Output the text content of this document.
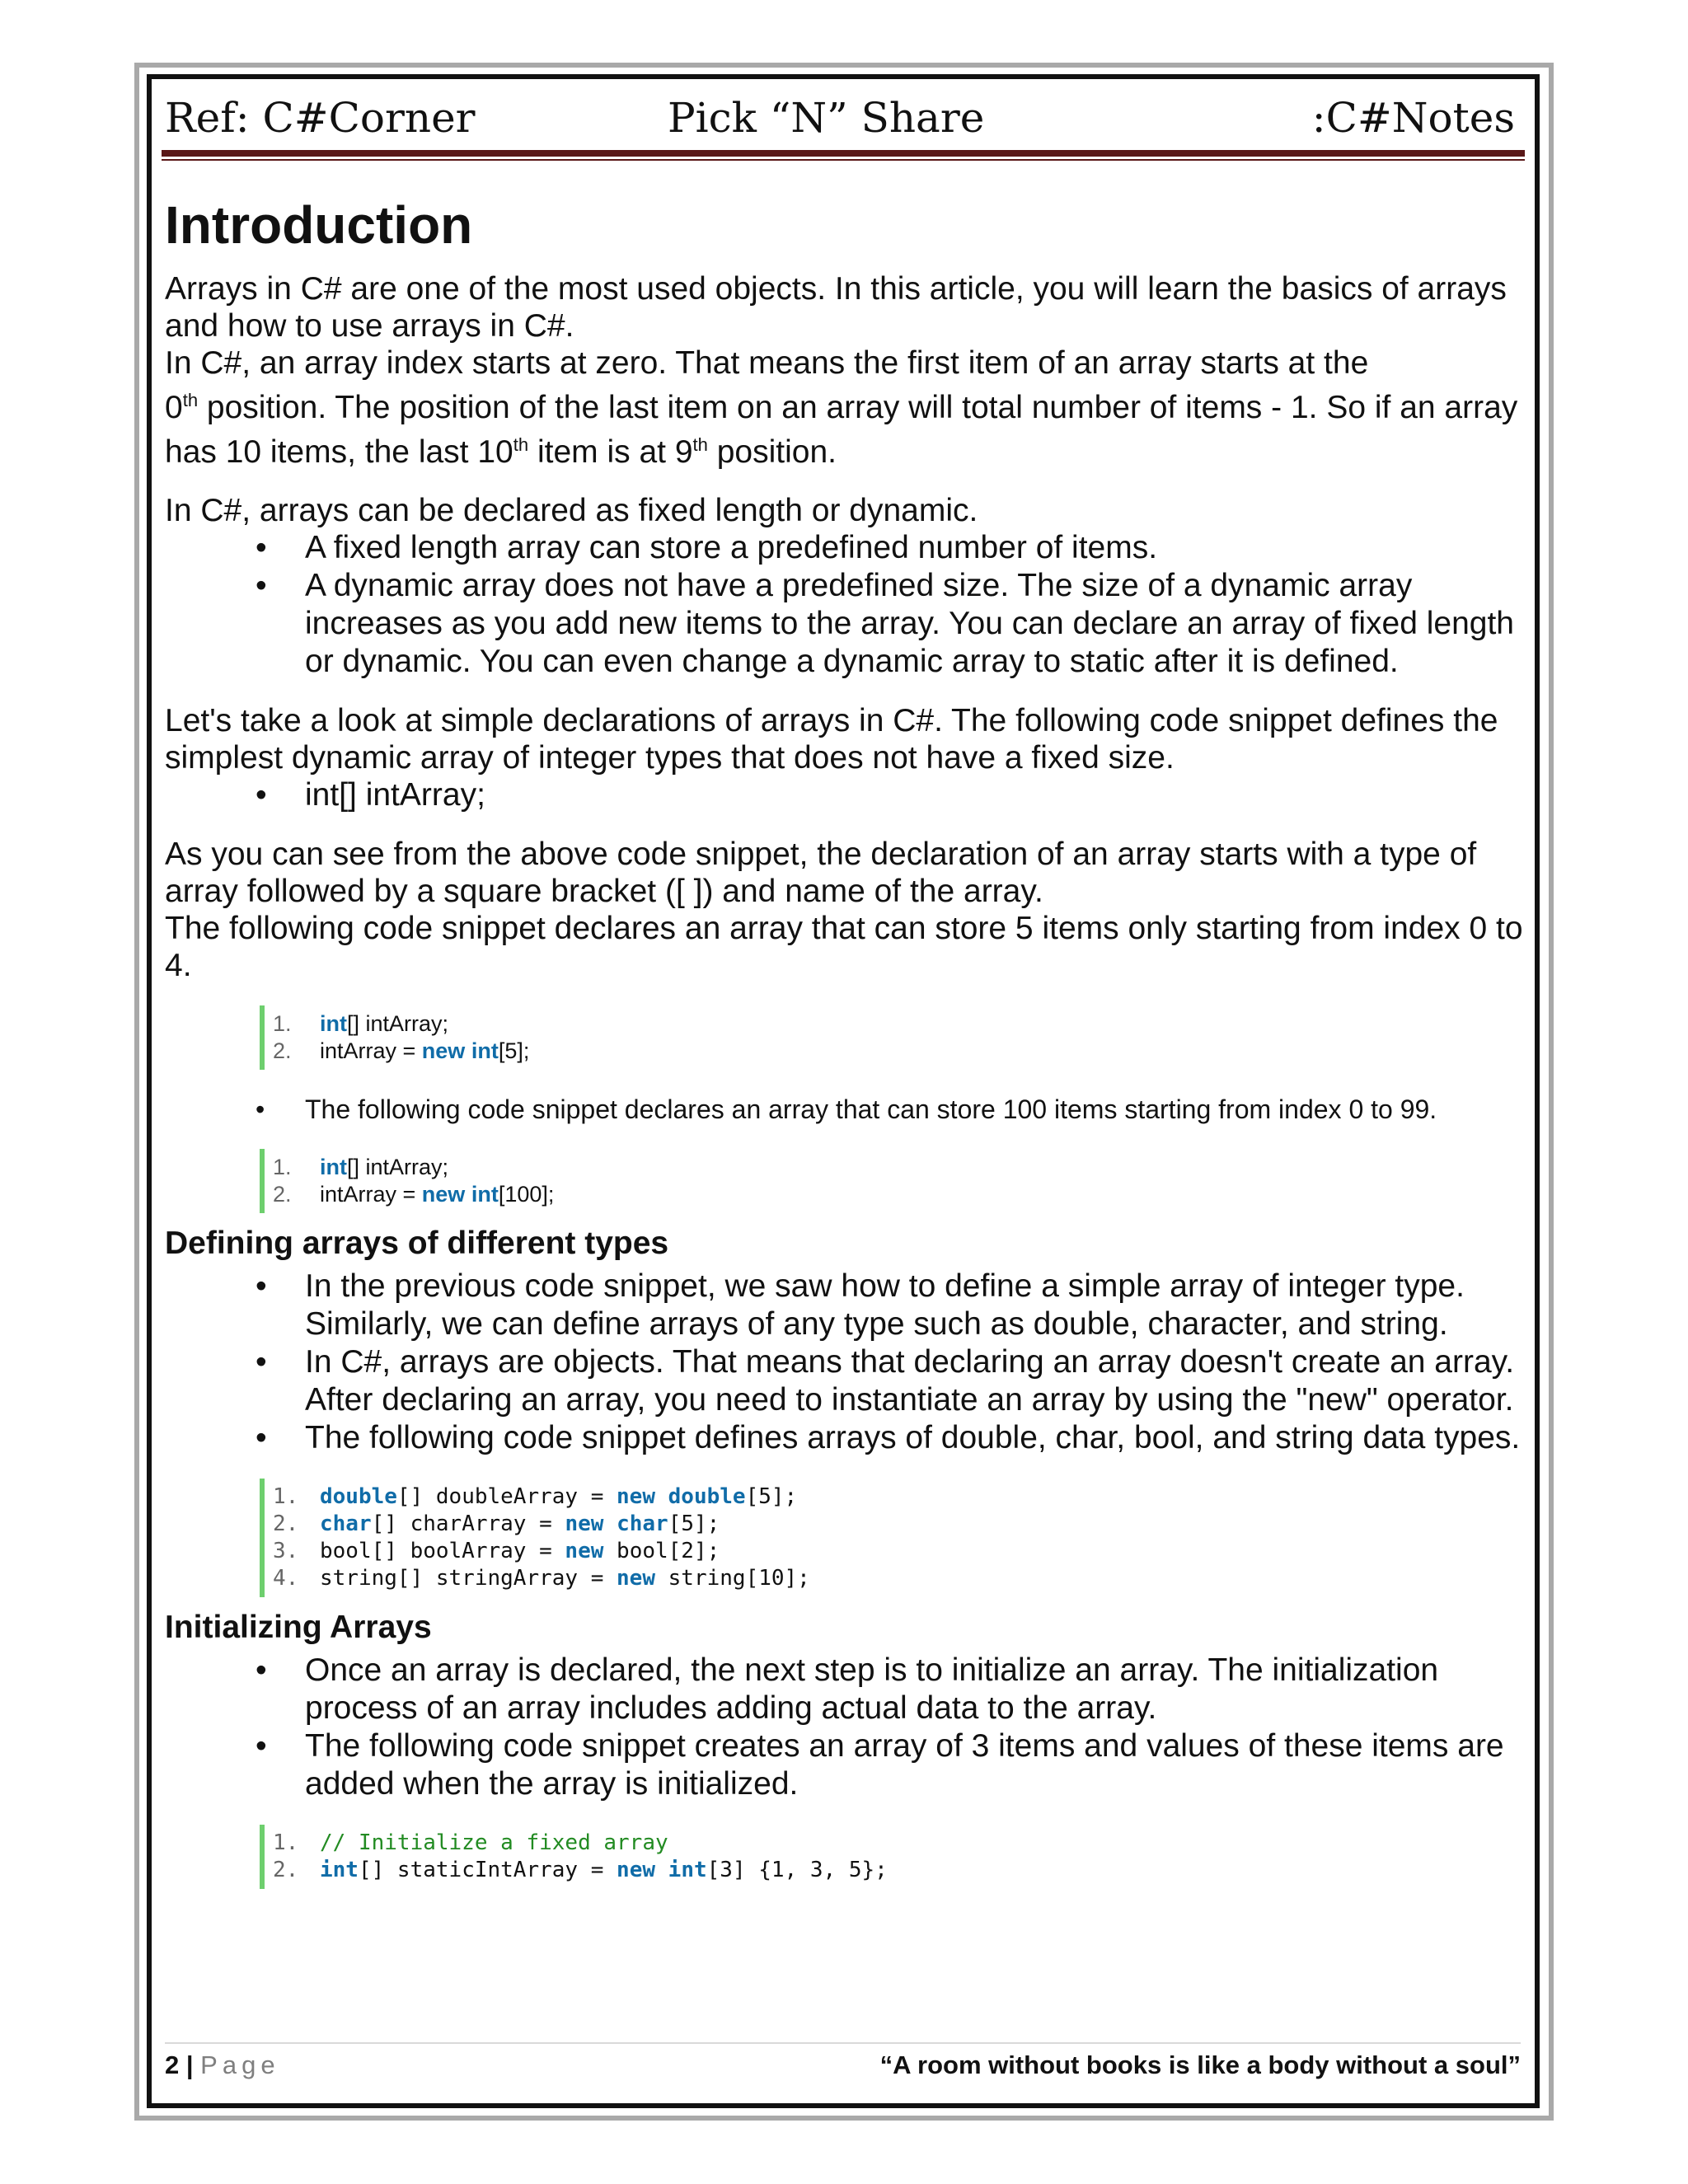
Ref: C#Corner	Pick “N” Share	:C#Notes
Introduction

Arrays in C# are one of the most used objects. In this article, you will learn the basics of arrays and how to use arrays in C#.

In C#, an array index starts at zero. That means the first item of an array starts at the

0th position. The position of the last item on an array will total number of items - 1. So if an array has 10 items, the last 10th item is at 9th position.

In C#, arrays can be declared as fixed length or dynamic.

• A fixed length array can store a predefined number of items.
• A dynamic array does not have a predefined size. The size of a dynamic array increases as you add new items to the array. You can declare an array of fixed length or dynamic. You can even change a dynamic array to static after it is defined.

Let's take a look at simple declarations of arrays in C#. The following code snippet defines the simplest dynamic array of integer types that does not have a fixed size.

• int[] intArray;

As you can see from the above code snippet, the declaration of an array starts with a type of array followed by a square bracket ([ ]) and name of the array.

The following code snippet declares an array that can store 5 items only starting from index 0 to 4.

1.	int[] intArray;
2.	intArray = new int[5];
• The following code snippet declares an array that can store 100 items starting from index 0 to 99.
1.	int[] intArray;
2.	intArray = new int[100];
Defining arrays of different types
• In the previous code snippet, we saw how to define a simple array of integer type. Similarly, we can define arrays of any type such as double, character, and string.
• In C#, arrays are objects. That means that declaring an array doesn't create an array. After declaring an array, you need to instantiate an array by using the "new" operator.
• The following code snippet defines arrays of double, char, bool, and string data types.
1. double[] doubleArray = new double[5];
2. char[] charArray = new char[5];
3. bool[] boolArray = new bool[2];
4. string[] stringArray = new string[10];
Initializing Arrays
• Once an array is declared, the next step is to initialize an array. The initialization process of an array includes adding actual data to the array.
• The following code snippet creates an array of 3 items and values of these items are added when the array is initialized.
1. // Initialize a fixed array
2. int[] staticIntArray = new int[3] {1, 3, 5};
2 | Page	“A room without books is like a body without a soul”
